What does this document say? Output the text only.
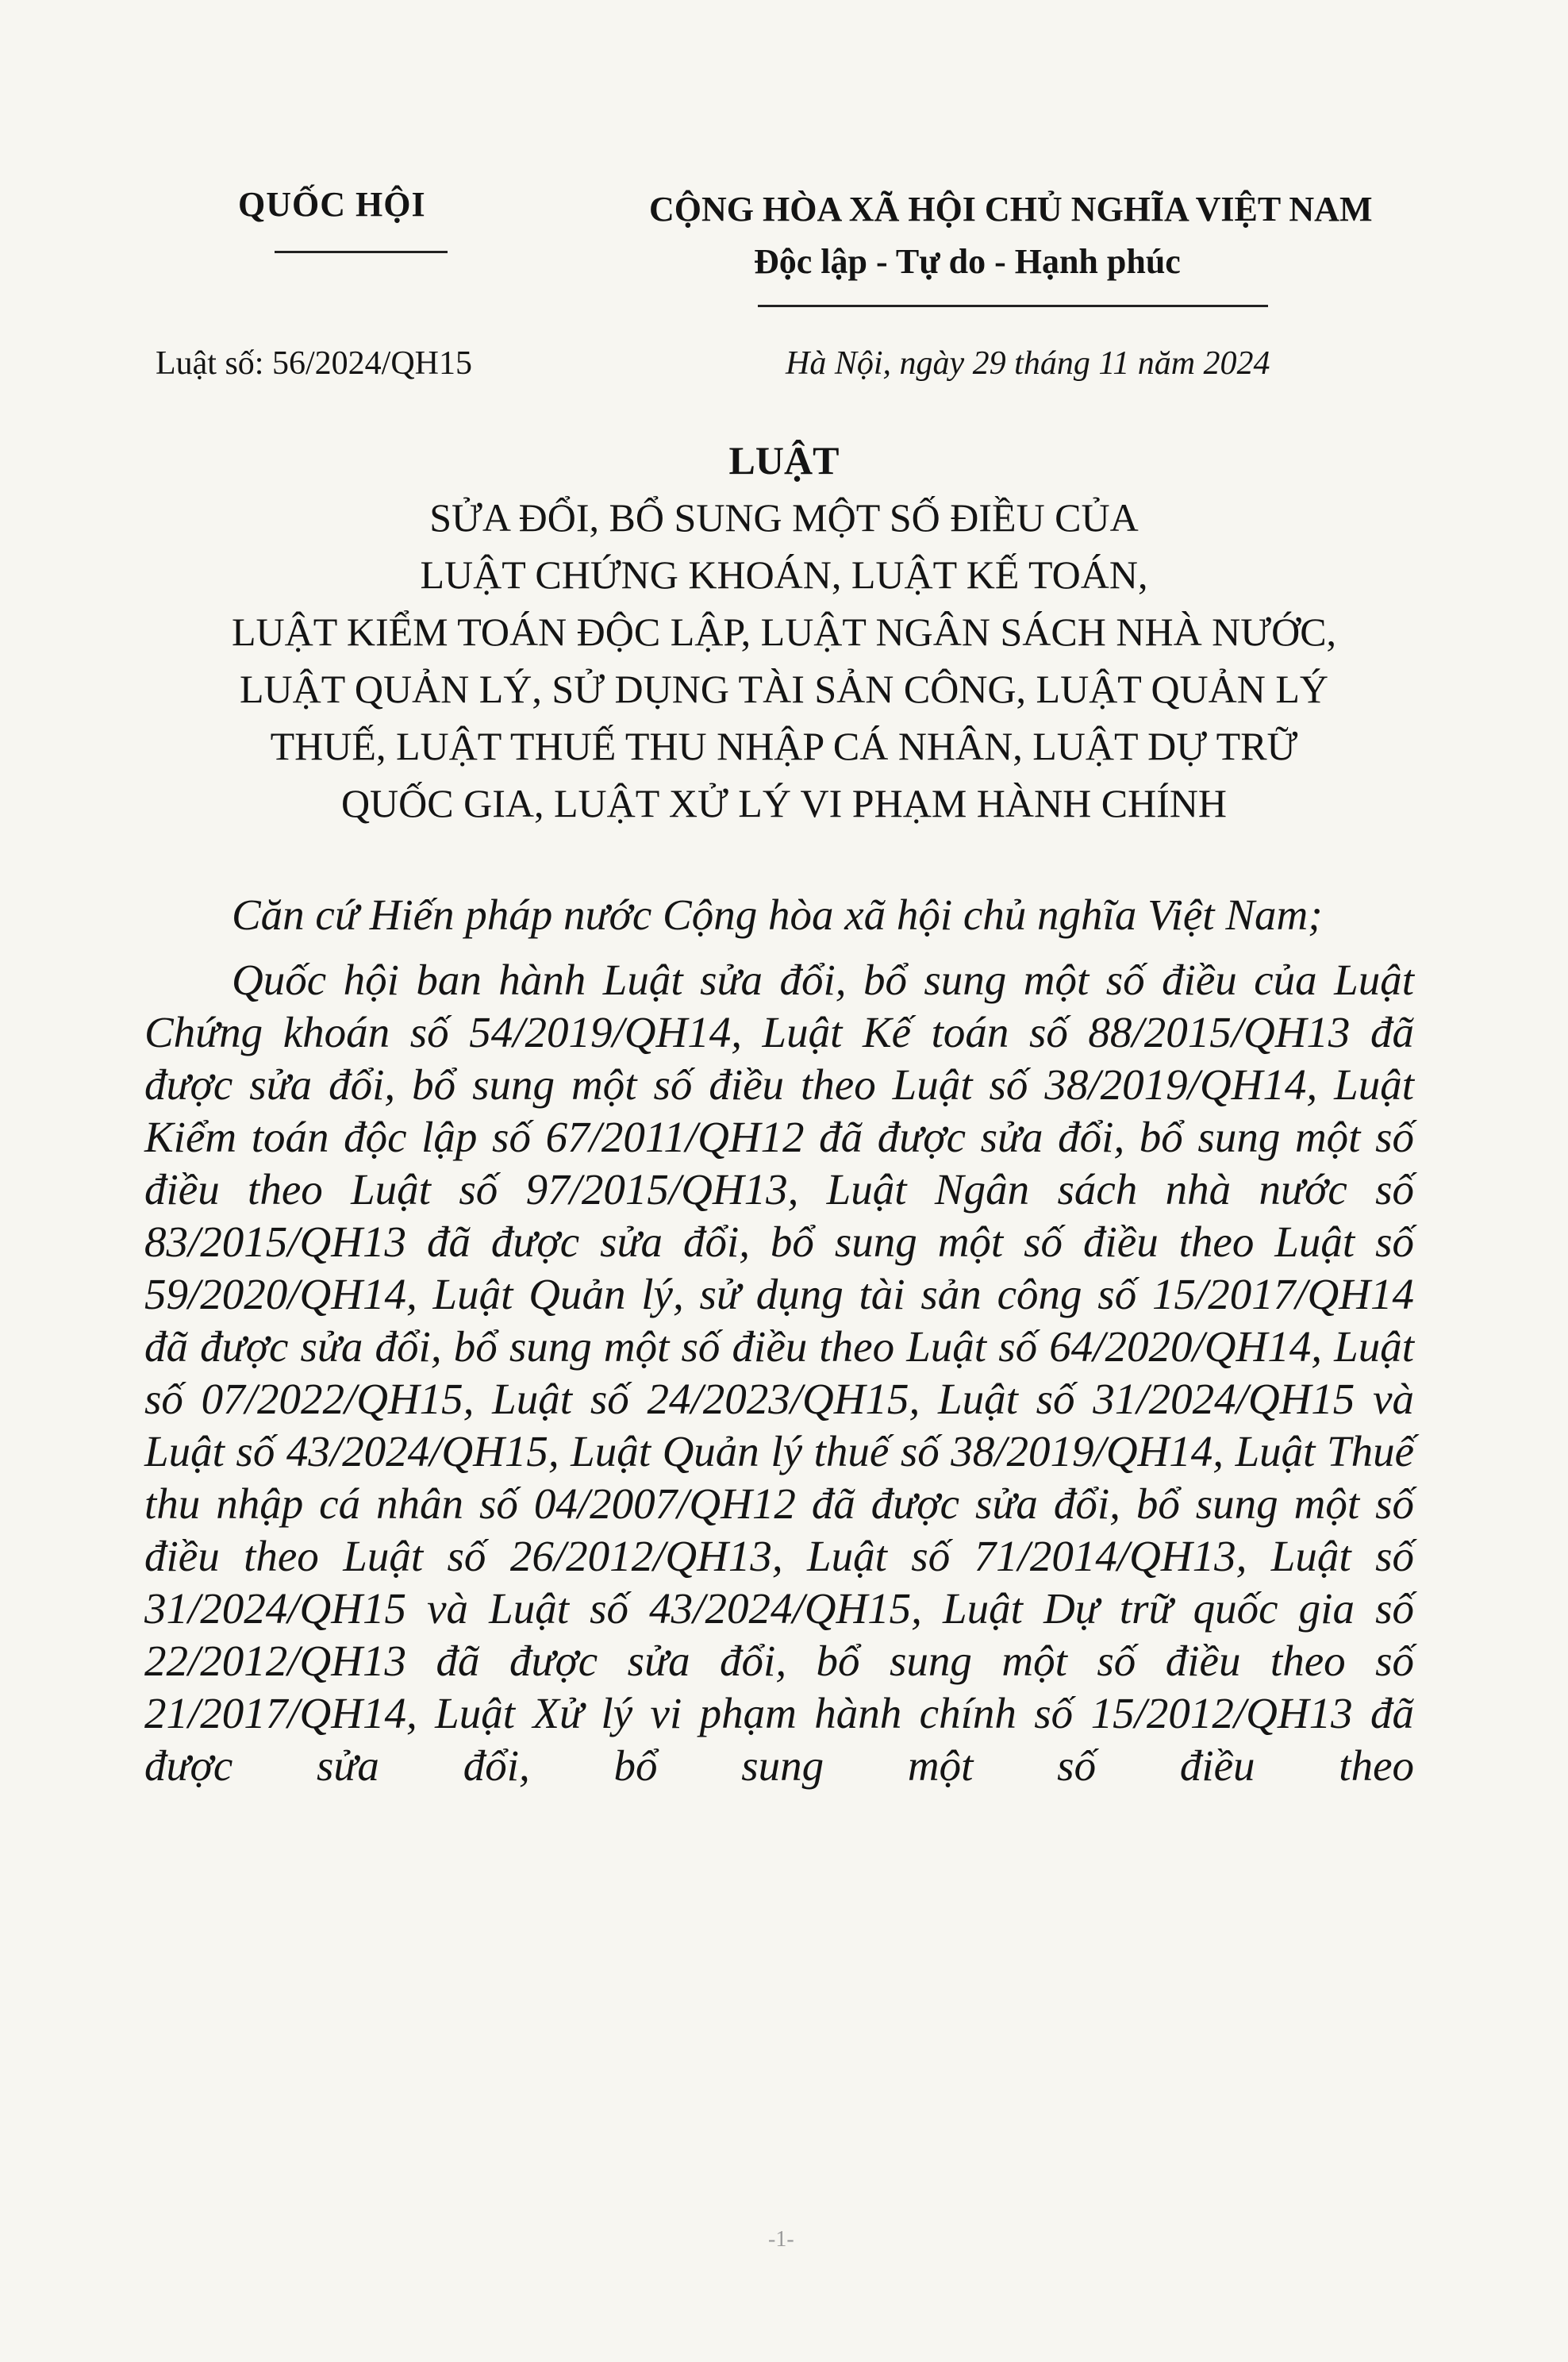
QUỐC HỘI	CỘNG HÒA XÃ HỘI CHỦ NGHĨA VIỆT NAM
Độc lập - Tự do - Hạnh phúc
Luật số: 56/2024/QH15	Hà Nội, ngày 29 tháng 11 năm 2024
LUẬT
SỬA ĐỔI, BỔ SUNG MỘT SỐ ĐIỀU CỦA
LUẬT CHỨNG KHOÁN, LUẬT KẾ TOÁN,
LUẬT KIỂM TOÁN ĐỘC LẬP, LUẬT NGÂN SÁCH NHÀ NƯỚC,
LUẬT QUẢN LÝ, SỬ DỤNG TÀI SẢN CÔNG, LUẬT QUẢN LÝ
THUẾ, LUẬT THUẾ THU NHẬP CÁ NHÂN, LUẬT DỰ TRỮ
QUỐC GIA, LUẬT XỬ LÝ VI PHẠM HÀNH CHÍNH

Căn cứ Hiến pháp nước Cộng hòa xã hội chủ nghĩa Việt Nam;

Quốc hội ban hành Luật sửa đổi, bổ sung một số điều của Luật Chứng khoán số 54/2019/QH14, Luật Kế toán số 88/2015/QH13 đã được sửa đổi, bổ sung một số điều theo Luật số 38/2019/QH14, Luật Kiểm toán độc lập số 67/2011/QH12 đã được sửa đổi, bổ sung một số điều theo Luật số 97/2015/QH13, Luật Ngân sách nhà nước số 83/2015/QH13 đã được sửa đổi, bổ sung một số điều theo Luật số 59/2020/QH14, Luật Quản lý, sử dụng tài sản công số 15/2017/QH14 đã được sửa đổi, bổ sung một số điều theo Luật số 64/2020/QH14, Luật số 07/2022/QH15, Luật số 24/2023/QH15, Luật số 31/2024/QH15 và Luật số 43/2024/QH15, Luật Quản lý thuế số 38/2019/QH14, Luật Thuế thu nhập cá nhân số 04/2007/QH12 đã được sửa đổi, bổ sung một số điều theo Luật số 26/2012/QH13, Luật số 71/2014/QH13, Luật số 31/2024/QH15 và Luật số 43/2024/QH15, Luật Dự trữ quốc gia số 22/2012/QH13 đã được sửa đổi, bổ sung một số điều theo số 21/2017/QH14, Luật Xử lý vi phạm hành chính số 15/2012/QH13 đã được sửa đổi, bổ sung một số điều theo

-1-
